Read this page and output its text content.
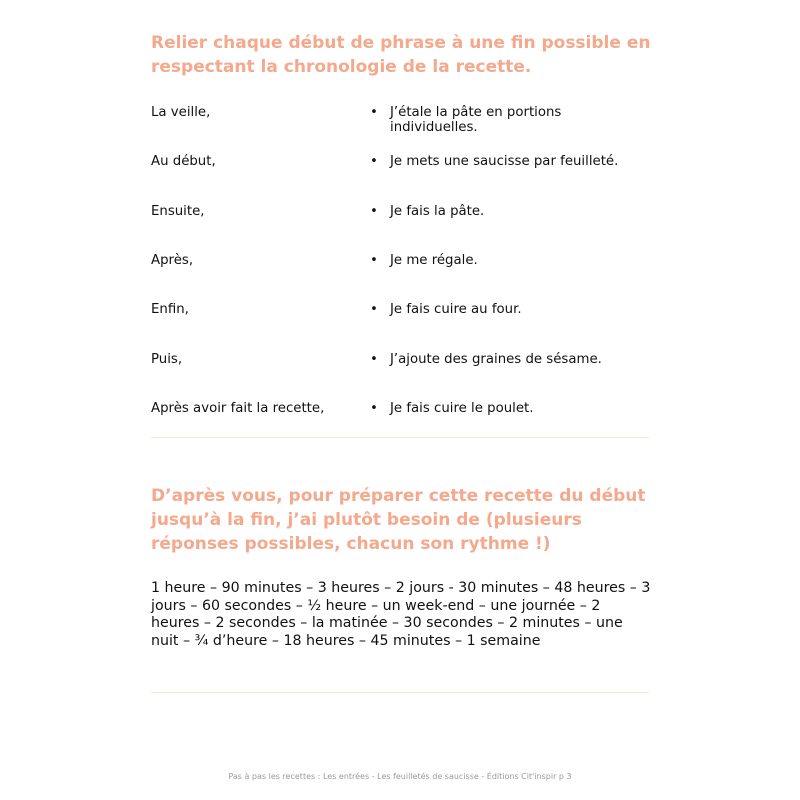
Relier chaque début de phrase à une fin possible en respectant la chronologie de la recette.
La veille,	• J’étale la pâte en portions individuelles.
Au début,	• Je mets une saucisse par feuilleté.
Ensuite,	• Je fais la pâte.
Après,	• Je me régale.
Enfin,	• Je fais cuire au four.
Puis,	• J’ajoute des graines de sésame.
Après avoir fait la recette,	• Je fais cuire le poulet.
D’après vous, pour préparer cette recette du début jusqu’à la fin, j’ai plutôt besoin de (plusieurs réponses possibles, chacun son rythme !)

1 heure – 90 minutes – 3 heures – 2 jours - 30 minutes – 48 heures – 3 jours – 60 secondes – ½ heure – un week-end – une journée – 2 heures – 2 secondes – la matinée – 30 secondes – 2 minutes – une nuit – ¾ d’heure – 18 heures – 45 minutes – 1 semaine

Pas à pas les recettes : Les entrées - Les feuilletés de saucisse - Éditions Cit'inspir p 3
